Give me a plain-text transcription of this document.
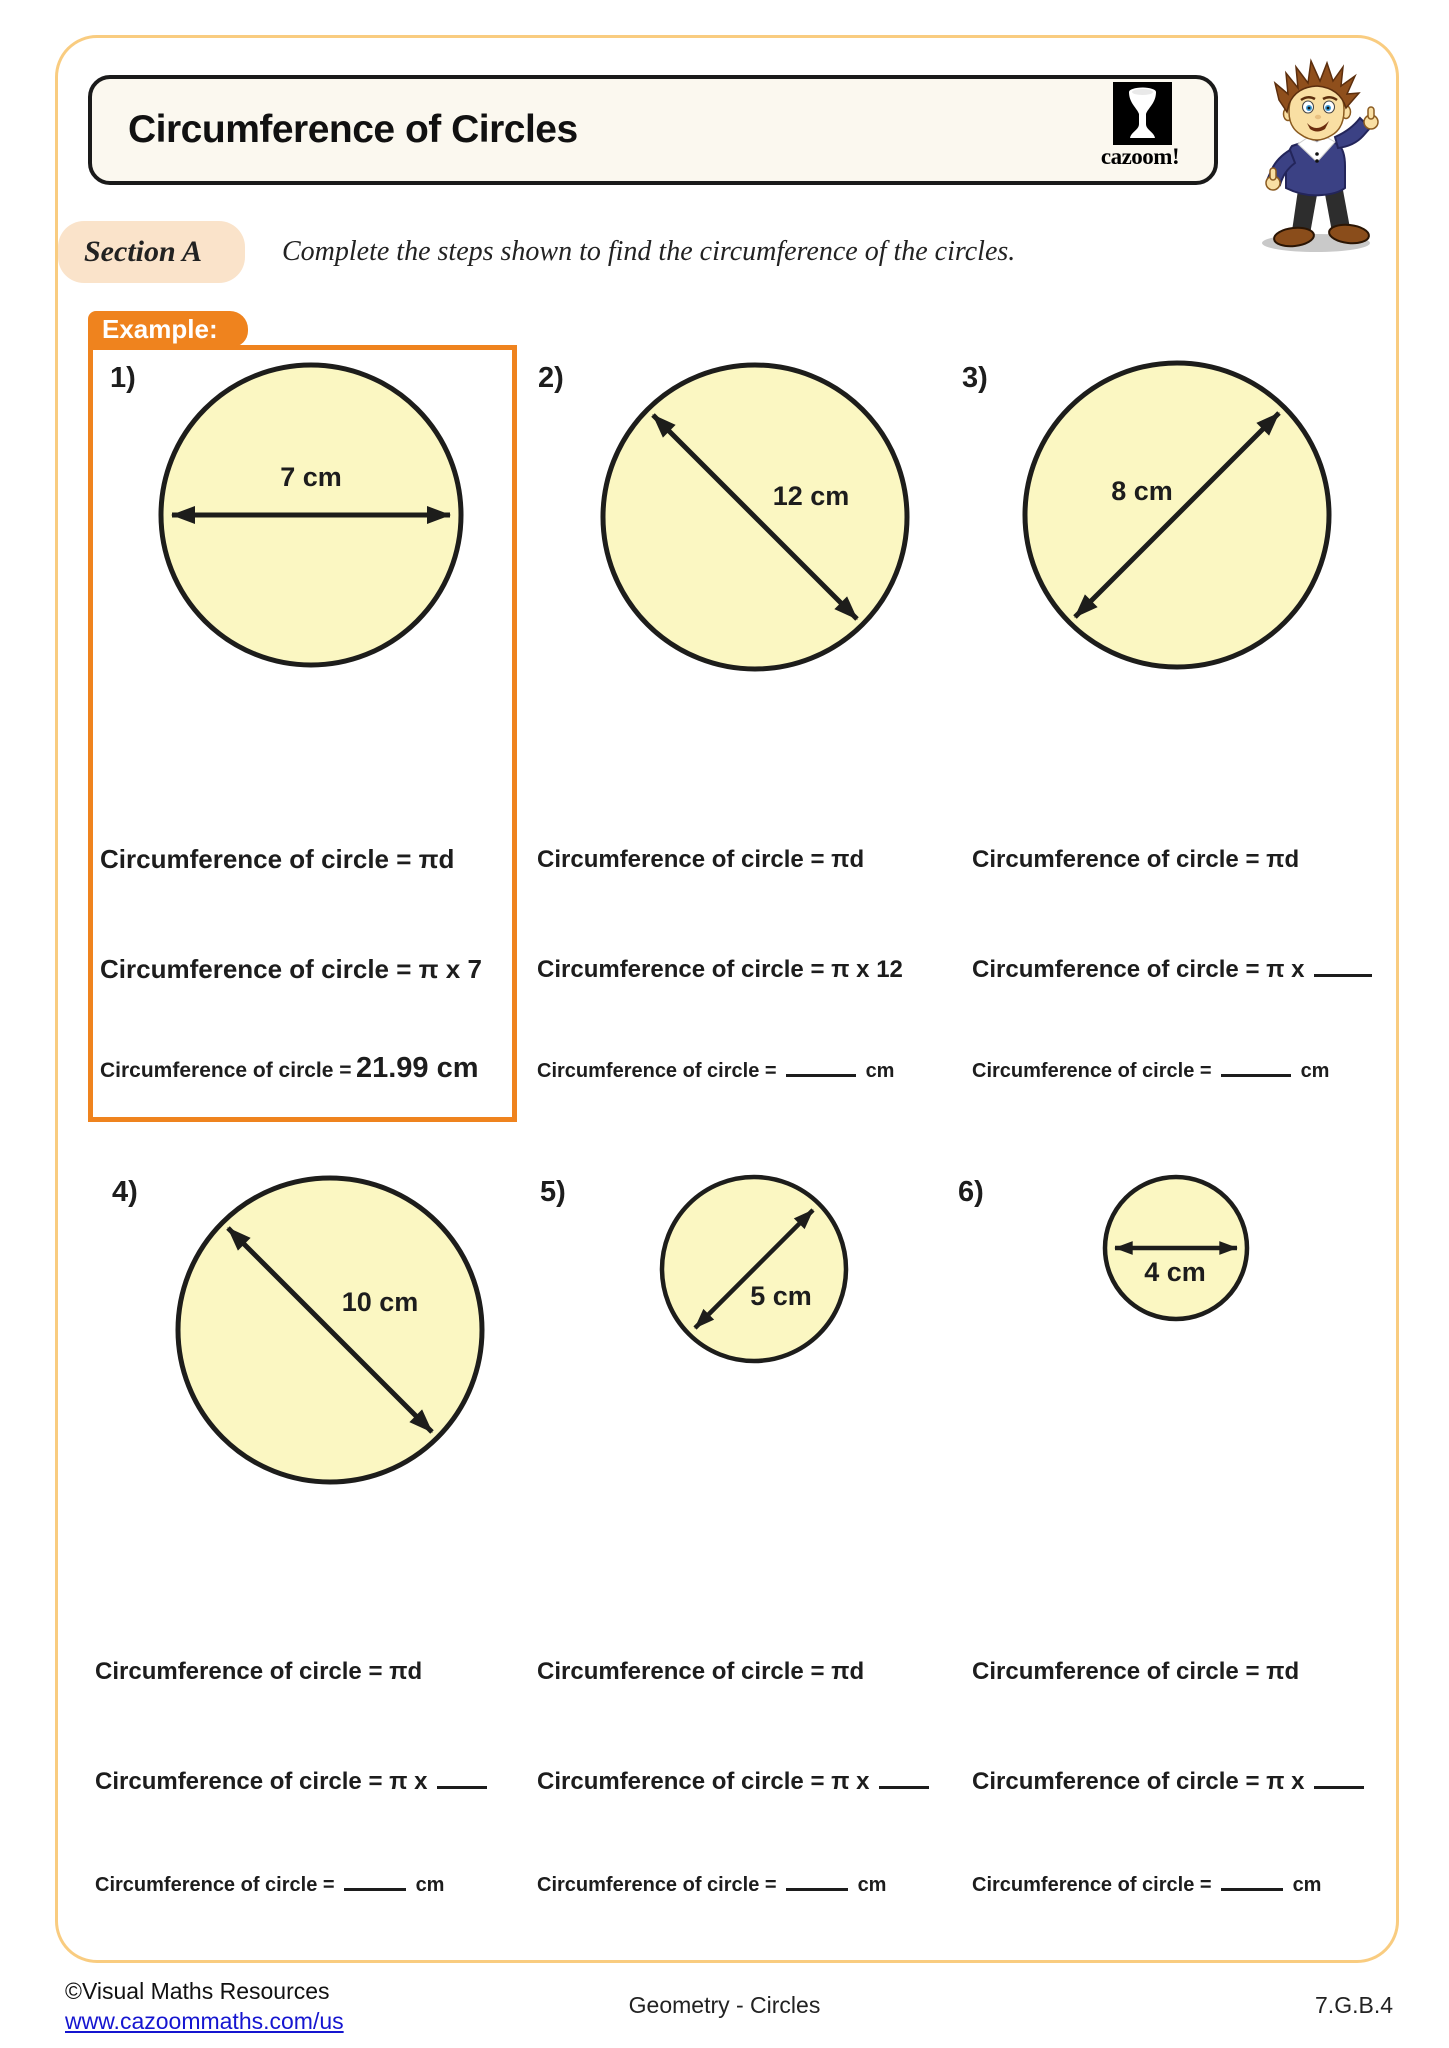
Circumference of Circles
cazoom!
Section A	Complete the steps shown to find the circumference of the circles.
Example:
1)	2)	3)
4)	5)	6)
7 cm
12 cm	8 cm
10 cm	5 cm
4 cm
Circumference of circle = πd
Circumference of circle = π x 7
Circumference of circle = 21.99 cm
Circumference of circle = πd
Circumference of circle = π x 12
Circumference of circle =	cm
Circumference of circle = πd
Circumference of circle = π x
Circumference of circle =	cm
Circumference of circle = πd
Circumference of circle = π x
Circumference of circle =	cm
Circumference of circle = πd
Circumference of circle = π x
Circumference of circle =	cm
Circumference of circle = πd
Circumference of circle = π x
Circumference of circle =	cm
©Visual Maths Resources
www.cazoommaths.com/us
Geometry - Circles	7.G.B.4
